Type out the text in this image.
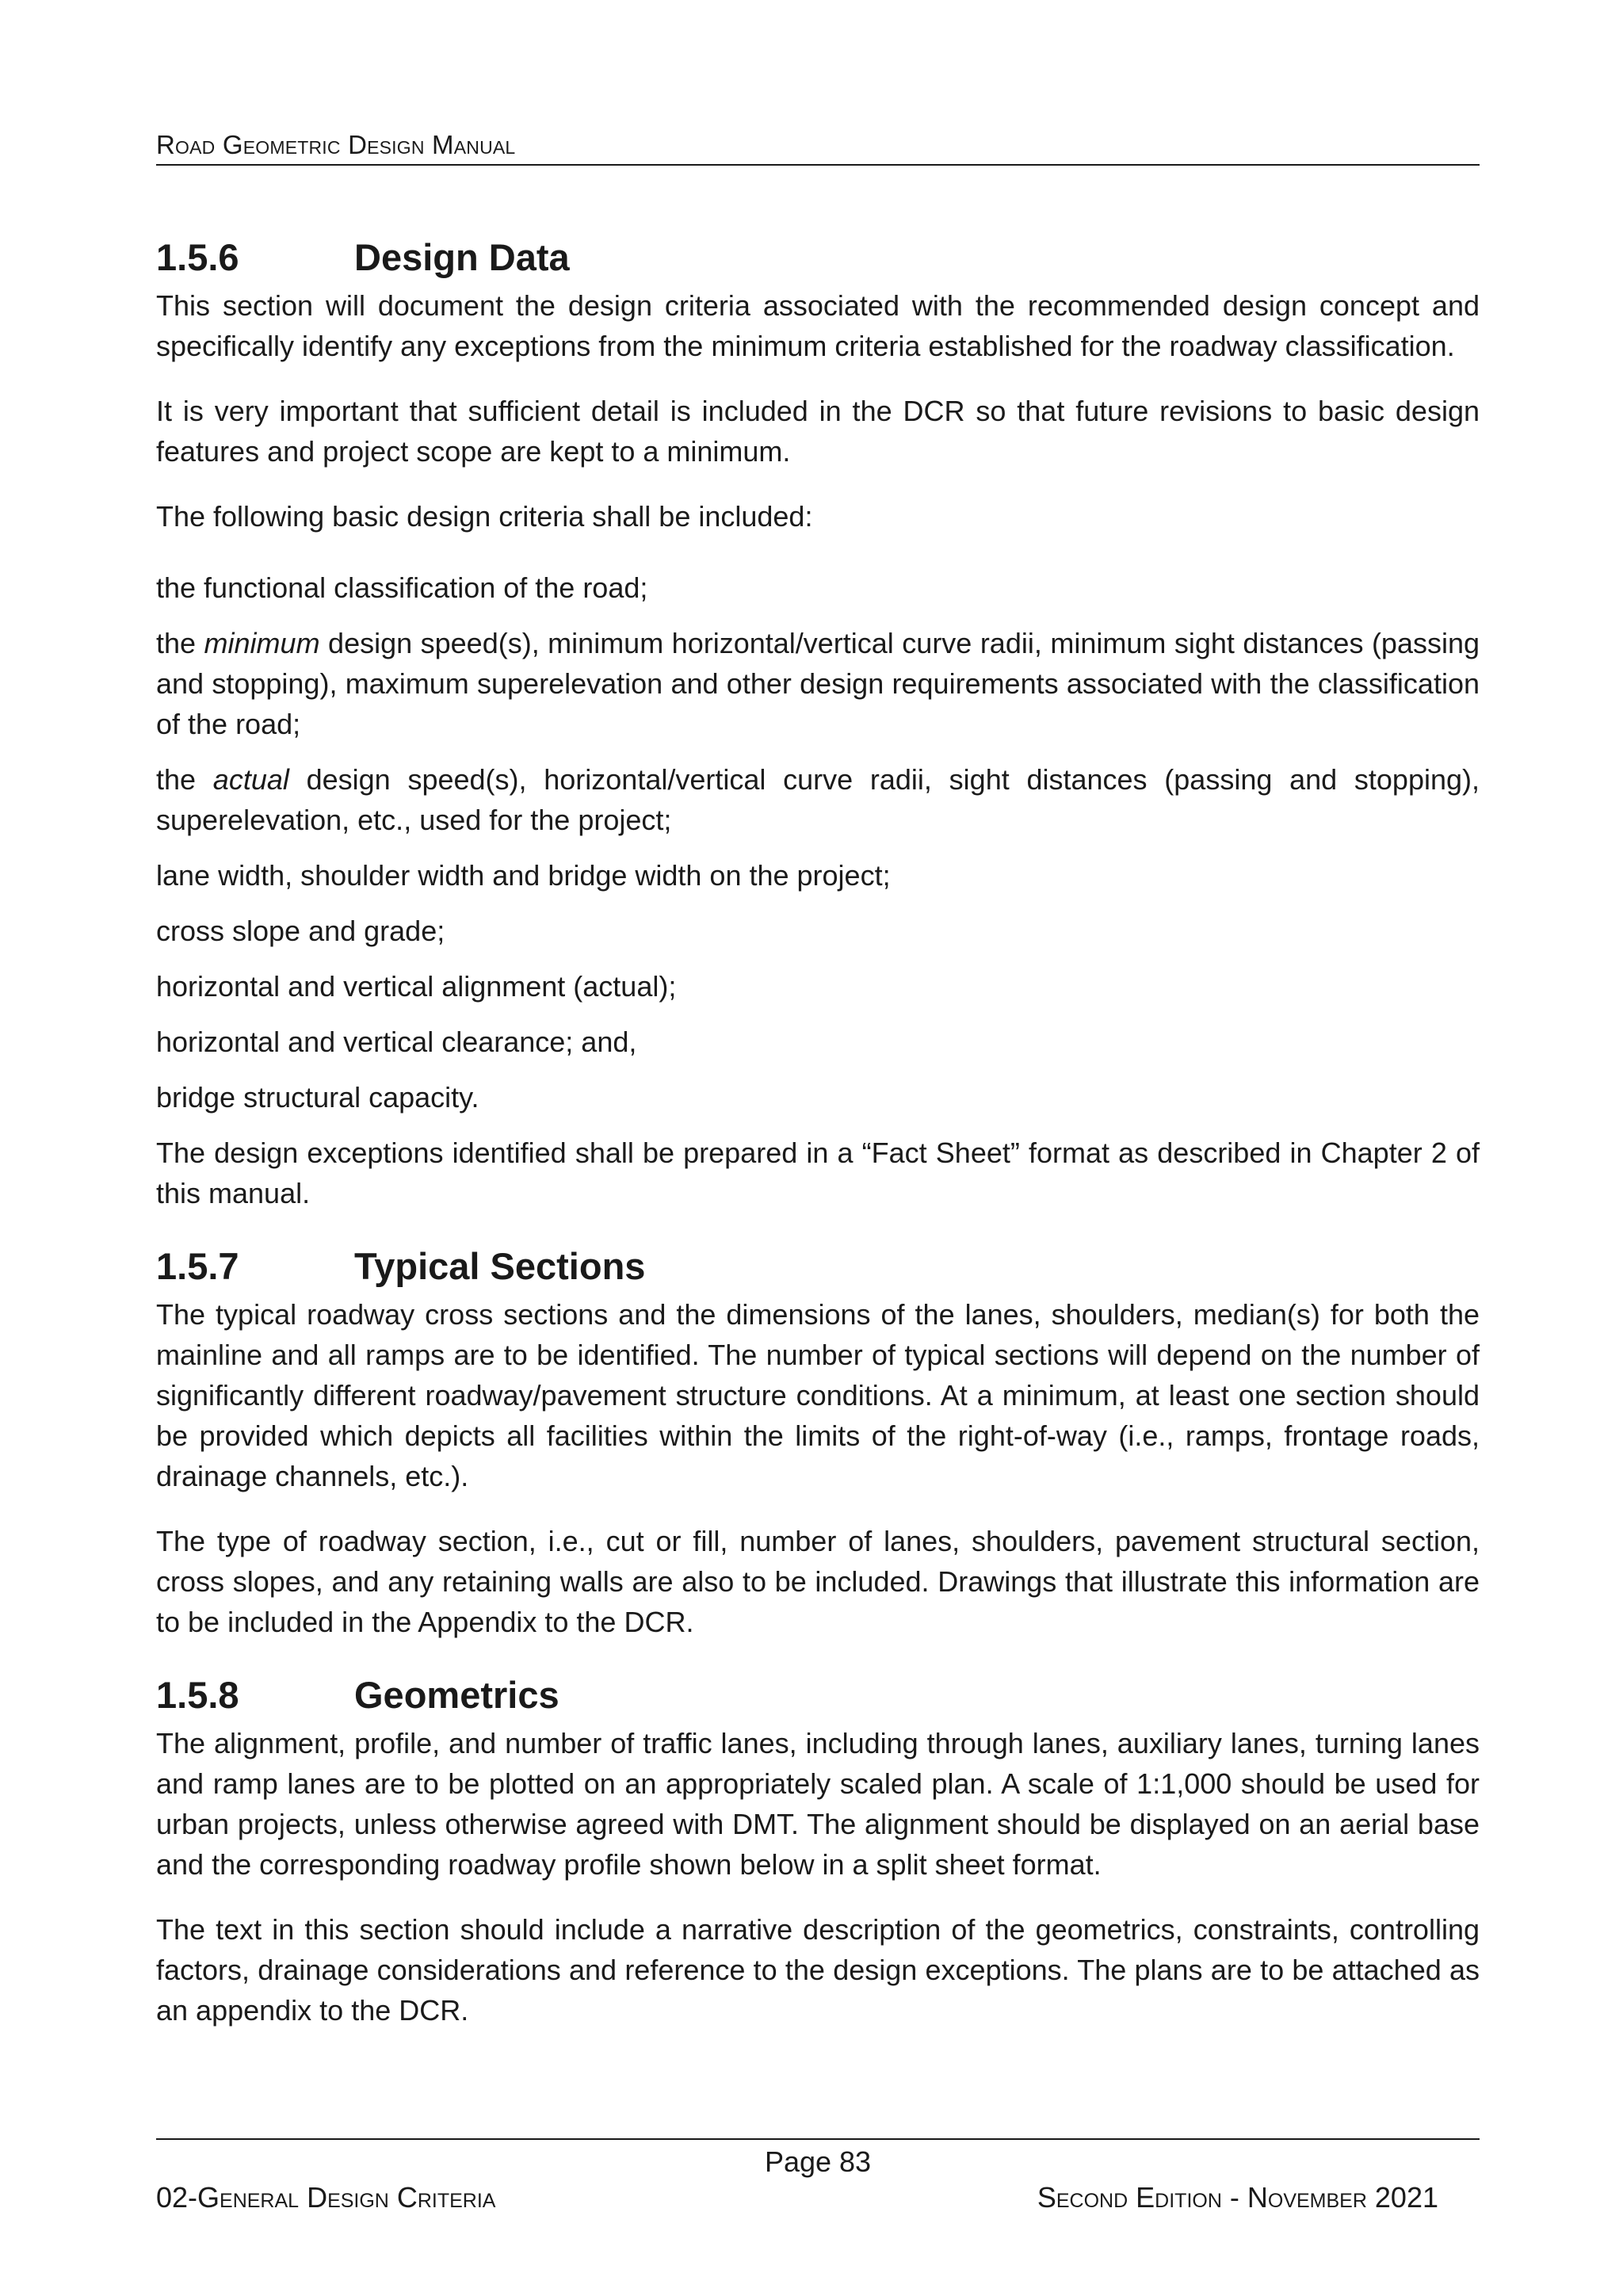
Road Geometric Design Manual
1.5.6	Design Data

This section will document the design criteria associated with the recommended design concept and specifically identify any exceptions from the minimum criteria established for the roadway classification.

It is very important that sufficient detail is included in the DCR so that future revisions to basic design features and project scope are kept to a minimum.

The following basic design criteria shall be included:

the functional classification of the road;

the minimum design speed(s), minimum horizontal/vertical curve radii, minimum sight distances (passing and stopping), maximum superelevation and other design requirements associated with the classification of the road;

the actual design speed(s), horizontal/vertical curve radii, sight distances (passing and stopping), superelevation, etc., used for the project;

lane width, shoulder width and bridge width on the project;

cross slope and grade;

horizontal and vertical alignment (actual);

horizontal and vertical clearance; and,

bridge structural capacity.

The design exceptions identified shall be prepared in a “Fact Sheet” format as described in Chapter 2 of this manual.

1.5.7	Typical Sections

The typical roadway cross sections and the dimensions of the lanes, shoulders, median(s) for both the mainline and all ramps are to be identified. The number of typical sections will depend on the number of significantly different roadway/pavement structure conditions. At a minimum, at least one section should be provided which depicts all facilities within the limits of the right-of-way (i.e., ramps, frontage roads, drainage channels, etc.).

The type of roadway section, i.e., cut or fill, number of lanes, shoulders, pavement structural section, cross slopes, and any retaining walls are also to be included. Drawings that illustrate this information are to be included in the Appendix to the DCR.

1.5.8	Geometrics

The alignment, profile, and number of traffic lanes, including through lanes, auxiliary lanes, turning lanes and ramp lanes are to be plotted on an appropriately scaled plan. A scale of 1:1,000 should be used for urban projects, unless otherwise agreed with DMT. The alignment should be displayed on an aerial base and the corresponding roadway profile shown below in a split sheet format.

The text in this section should include a narrative description of the geometrics, constraints, controlling factors, drainage considerations and reference to the design exceptions. The plans are to be attached as an appendix to the DCR.

Page 83
02-General Design Criteria	Second Edition - November 2021
